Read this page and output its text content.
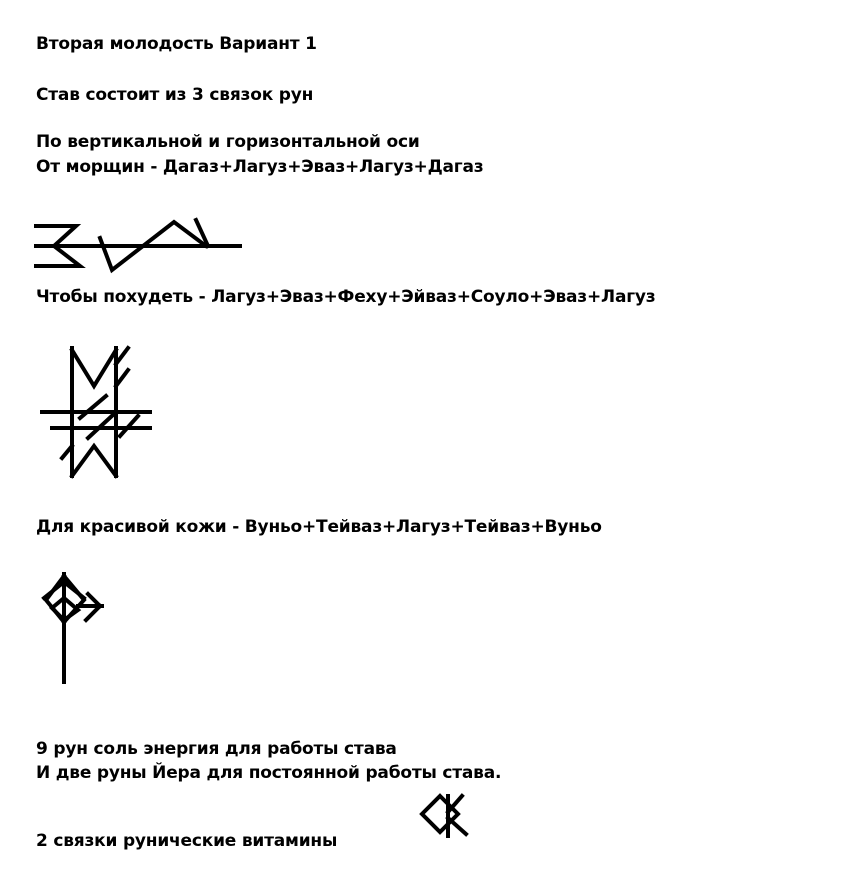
Вторая молодость Вариант 1
Став состоит из 3 связок рун
По вертикальной и горизонтальной оси
От морщин - Дагаз+Лагуз+Эваз+Лагуз+Дагаз
Чтобы похудеть - Лагуз+Эваз+Феху+Эйваз+Соуло+Эваз+Лагуз
Для красивой кожи - Вуньо+Тейваз+Лагуз+Тейваз+Вуньо
9 рун соль энергия для работы става
И две руны Йера для постоянной работы става.
2 связки рунические витамины
